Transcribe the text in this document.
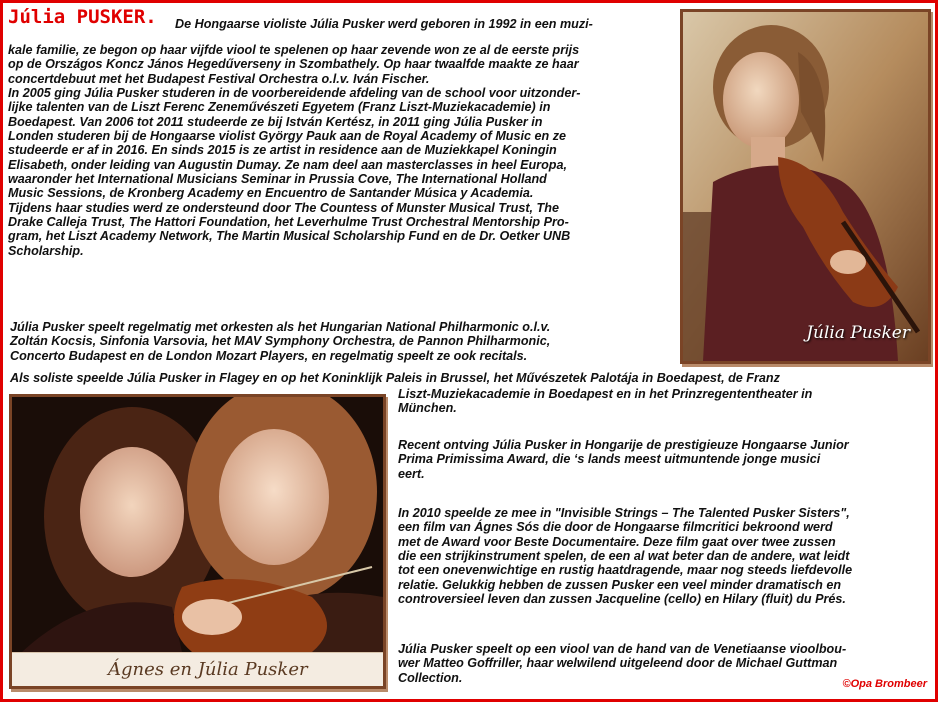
Júlia PUSKER. De Hongaarse violiste Júlia Pusker werd geboren in 1992 in een muzi-
kale familie, ze begon op haar vijfde viool te spelenen op haar zevende won ze al de eerste prijs
op de Országos Koncz János Hegedűverseny in Szombathely. Op haar twaalfde maakte ze haar
concertdebuut met het Budapest Festival Orchestra o.l.v. Iván Fischer.
In 2005 ging Júlia Pusker studeren in de voorbereidende afdeling van de school voor uitzonder-
lijke talenten van de Liszt Ferenc Zeneművészeti Egyetem (Franz Liszt-Muziekacademie) in
Boedapest. Van 2006 tot 2011 studeerde ze bij István Kertész, in 2011 ging Júlia Pusker in
Londen studeren bij de Hongaarse violist György Pauk aan de Royal Academy of Music en ze
studeerde er af in 2016. En sinds 2015 is ze artist in residence aan de Muziekkapel Koningin
Elisabeth, onder leiding van Augustin Dumay. Ze nam deel aan masterclasses in heel Europa,
waaronder het International Musicians Seminar in Prussia Cove, The International Holland
Music Sessions, de Kronberg Academy en Encuentro de Santander Música y Academia.
Tijdens haar studies werd ze ondersteund door The Countess of Munster Musical Trust, The
Drake Calleja Trust, The Hattori Foundation, het Leverhulme Trust Orchestral Mentorship Pro-
gram, het Liszt Academy Network, The Martin Musical Scholarship Fund en de Dr. Oetker UNB
Scholarship.
Júlia Pusker speelt regelmatig met orkesten als het Hungarian National Philharmonic o.l.v.
Zoltán Kocsis, Sinfonia Varsovia, het MAV Symphony Orchestra, de Pannon Philharmonic,
Concerto Budapest en de London Mozart Players, en regelmatig speelt ze ook recitals.
Als soliste speelde Júlia Pusker in Flagey en op het Koninklijk Paleis in Brussel, het Művészetek Palotája in Boedapest, de Franz
Liszt-Muziekacademie in Boedapest en in het Prinzregententheater in
München.
Recent ontving Júlia Pusker in Hongarije de prestigieuze Hongaarse Junior
Prima Primissima Award, die ‘s lands meest uitmuntende jonge musici
eert.
In 2010 speelde ze mee in "Invisible Strings – The Talented Pusker Sisters",
een film van Ágnes Sós die door de Hongaarse filmcritici bekroond werd
met de Award voor Beste Documentaire. Deze film gaat over twee zussen
die een strijkinstrument spelen, de een al wat beter dan de andere, wat leidt
tot een onevenwichtige en rustig haatdragende, maar nog steeds liefdevolle
relatie. Gelukkig hebben de zussen Pusker een veel minder dramatisch en
controversieel leven dan zussen Jacqueline (cello) en Hilary (fluit) du Prés.
Júlia Pusker speelt op een viool van de hand van de Venetiaanse vioolbou-
wer Matteo Goffriller, haar welwilend uitgeleend door de Michael Guttman
Collection.
Júlia Pusker
Ágnes en Júlia Pusker
©Opa Brombeer
